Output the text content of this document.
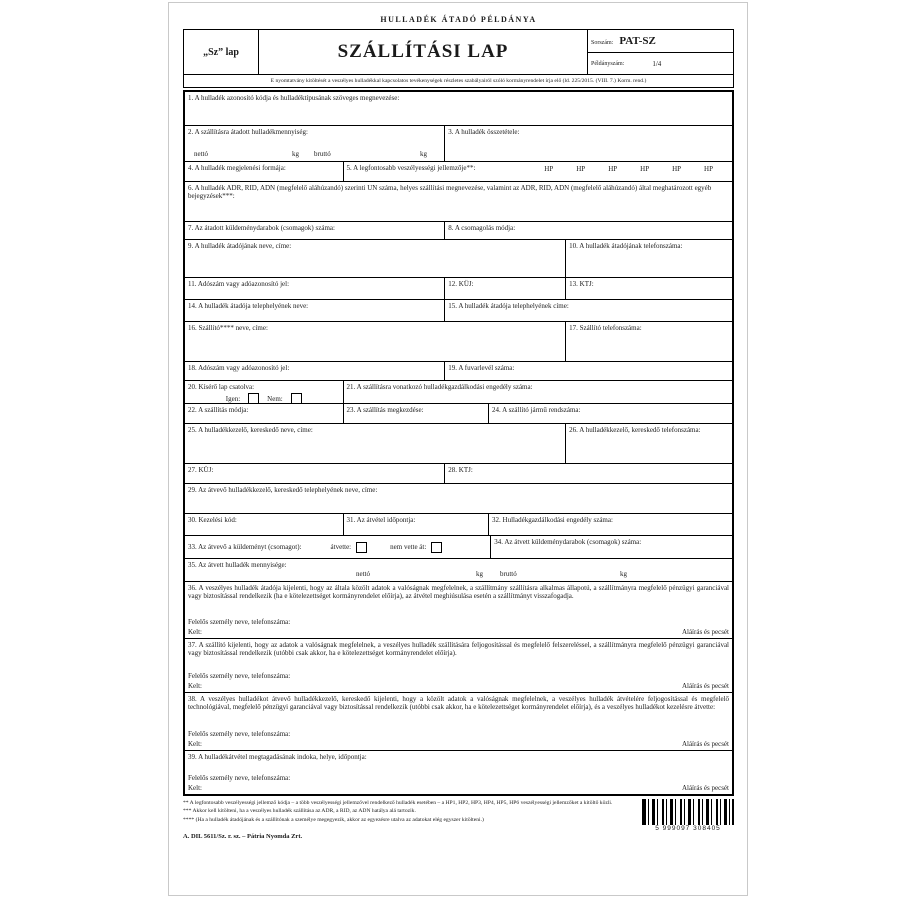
HULLADÉK ÁTADÓ PÉLDÁNYA
„Sz” lap	SZÁLLÍTÁSI LAP	Sorszám: PAT-SZ
Példányszám:	1/4
E nyomtatvány kitöltését a veszélyes hulladékkal kapcsolatos tevékenységek részletes szabályairól szóló kormányrendelet írja elő (ld. 225/2015. (VIII. 7.) Korm. rend.)
1. A hulladék azonosító kódja és hulladéktípusának szöveges megnevezése:
2. A szállításra átadott hulladékmennyiség:
nettó	kg bruttó	kg
3. A hulladék összetétele:
4. A hulladék megjelenési formája:	5. A legfontosabb veszélyességi jellemzője**:	HP	HP	HP	HP	HP	HP
6. A hulladék ADR, RID, ADN (megfelelő aláhúzandó) szerinti UN száma, helyes szállítási megnevezése, valamint az ADR, RID, ADN (megfelelő aláhúzandó) által meghatározott egyéb bejegyzések***:
7. Az átadott küldeménydarabok (csomagok) száma:	8. A csomagolás módja:
9. A hulladék átadójának neve, címe:	10. A hulladék átadójának telefonszáma:
11. Adószám vagy adóazonosító jel:	12. KÜJ:	13. KTJ:
14. A hulladék átadója telephelyének neve:	15. A hulladék átadója telephelyének címe:
16. Szállító**** neve, címe:	17. Szállító telefonszáma:
18. Adószám vagy adóazonosító jel:	19. A fuvarlevél száma:
20. Kísérő lap csatolva:
Igen:	Nem:
21. A szállításra vonatkozó hulladékgazdálkodási engedély száma:
22. A szállítás módja:	23. A szállítás megkezdése:	24. A szállító jármű rendszáma:
25. A hulladékkezelő, kereskedő neve, címe:	26. A hulladékkezelő, kereskedő telefonszáma:
27. KÜJ:	28. KTJ:
29. Az átvevő hulladékkezelő, kereskedő telephelyének neve, címe:
30. Kezelési kód:	31. Az átvétel időpontja:	32. Hulladékgazdálkodási engedély száma:
33. Az átvevő a küldeményt (csomagot):	átvette:	nem vette át:
34. Az átvett küldeménydarabok (csomagok) száma:
35. Az átvett hulladék mennyisége:
nettó	kg bruttó	kg
36. A veszélyes hulladék átadója kijelenti, hogy az általa közölt adatok a valóságnak megfelelnek, a szállítmány szállításra alkalmas állapotú, a szállítmányra megfelelő pénzügyi garanciával vagy biztosítással rendelkezik (ha e kötelezettséget kormányrendelet előírja), az átvétel meghiúsulása esetén a szállítmányt visszafogadja.
Felelős személy neve, telefonszáma:
Kelt:	Aláírás és pecsét
37. A szállító kijelenti, hogy az adatok a valóságnak megfelelnek, a veszélyes hulladék szállítására feljogosítással és megfelelő felszereléssel, a szállítmányra megfelelő pénzügyi garanciával vagy biztosítással rendelkezik (utóbbi csak akkor, ha e kötelezettséget kormányrendelet előírja).
Felelős személy neve, telefonszáma:
Kelt:	Aláírás és pecsét
38. A veszélyes hulladékot átvevő hulladékkezelő, kereskedő kijelenti, hogy a közölt adatok a valóságnak megfelelnek, a veszélyes hulladék átvételére feljogosítással és megfelelő technológiával, megfelelő pénzügyi garanciával vagy biztosítással rendelkezik (utóbbi csak akkor, ha e kötelezettséget kormányrendelet előírja), és a veszélyes hulladékot kezelésre átvette:
Felelős személy neve, telefonszáma:
Kelt:	Aláírás és pecsét
39. A hulladékátvétel megtagadásának indoka, helye, időpontja:
Felelős személy neve, telefonszáma:
Kelt:	Aláírás és pecsét
** A legfontosabb veszélyességi jellemző kódja – a több veszélyességi jellemzővel rendelkező hulladék esetében – a HP1, HP2, HP3, HP4, HP5, HP6 veszélyességi jellemzőket a kitöltő közli.
*** Akkor kell kitölteni, ha a veszélyes hulladék szállítása az ADR, a RID, az ADN hatálya alá tartozik.
**** (Ha a hulladék átadójának és a szállítónak a személye megegyezik, akkor az egyezésre utalva az adatokat elég egyszer kitölteni.)
A. DIL 5611/Sz. r. sz. – Pátria Nyomda Zrt.
5 999097 308405
